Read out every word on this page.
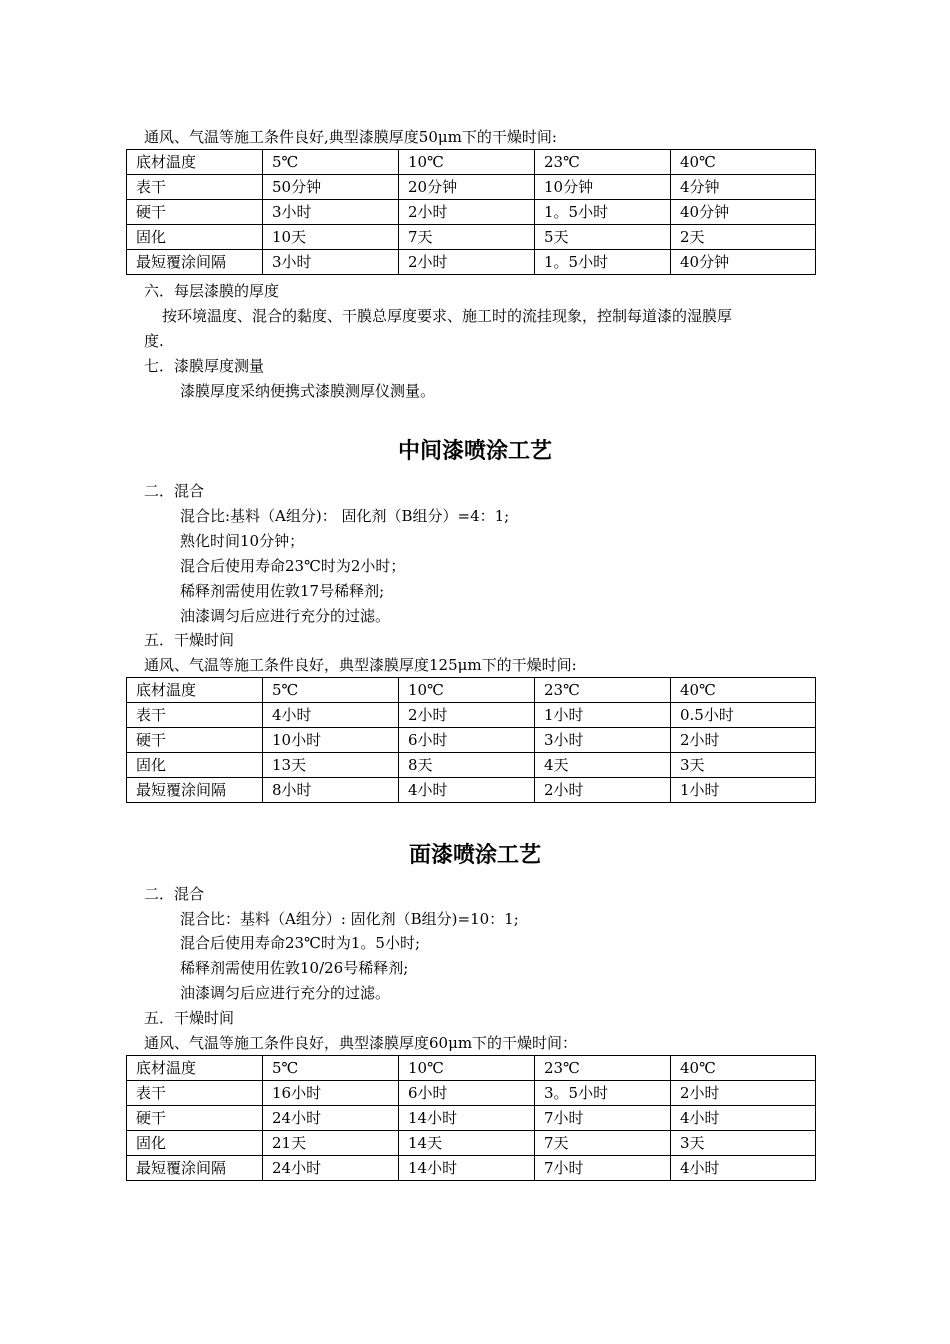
通风、气温等施工条件良好,典型漆膜厚度50μm下的干燥时间:
底材温度	5℃	10℃	23℃	40℃
表干	50分钟	20分钟	10分钟	4分钟
硬干	3小时	2小时	1。5小时	40分钟
固化	10天	7天	5天	2天
最短覆涂间隔	3小时	2小时	1。5小时	40分钟
六．每层漆膜的厚度
按环境温度、混合的黏度、干膜总厚度要求、施工时的流挂现象，控制每道漆的湿膜厚
度.
七．漆膜厚度测量
漆膜厚度采纳便携式漆膜测厚仪测量。
中间漆喷涂工艺
二．混合
混合比:基料（A组分)： 固化剂（B组分）=4：1;
熟化时间10分钟；
混合后使用寿命23℃时为2小时；
稀释剂需使用佐敦17号稀释剂;
油漆调匀后应进行充分的过滤。
五．干燥时间
通风、气温等施工条件良好，典型漆膜厚度125μm下的干燥时间:
底材温度	5℃	10℃	23℃	40℃
表干	4小时	2小时	1小时	0.5小时
硬干	10小时	6小时	3小时	2小时
固化	13天	8天	4天	3天
最短覆涂间隔	8小时	4小时	2小时	1小时
面漆喷涂工艺
二．混合
混合比：基料（A组分）: 固化剂（B组分)=10：1;
混合后使用寿命23℃时为1。5小时;
稀释剂需使用佐敦10/26号稀释剂;
油漆调匀后应进行充分的过滤。
五．干燥时间
通风、气温等施工条件良好，典型漆膜厚度60μm下的干燥时间：
底材温度	5℃	10℃	23℃	40℃
表干	16小时	6小时	3。5小时	2小时
硬干	24小时	14小时	7小时	4小时
固化	21天	14天	7天	3天
最短覆涂间隔	24小时	14小时	7小时	4小时
